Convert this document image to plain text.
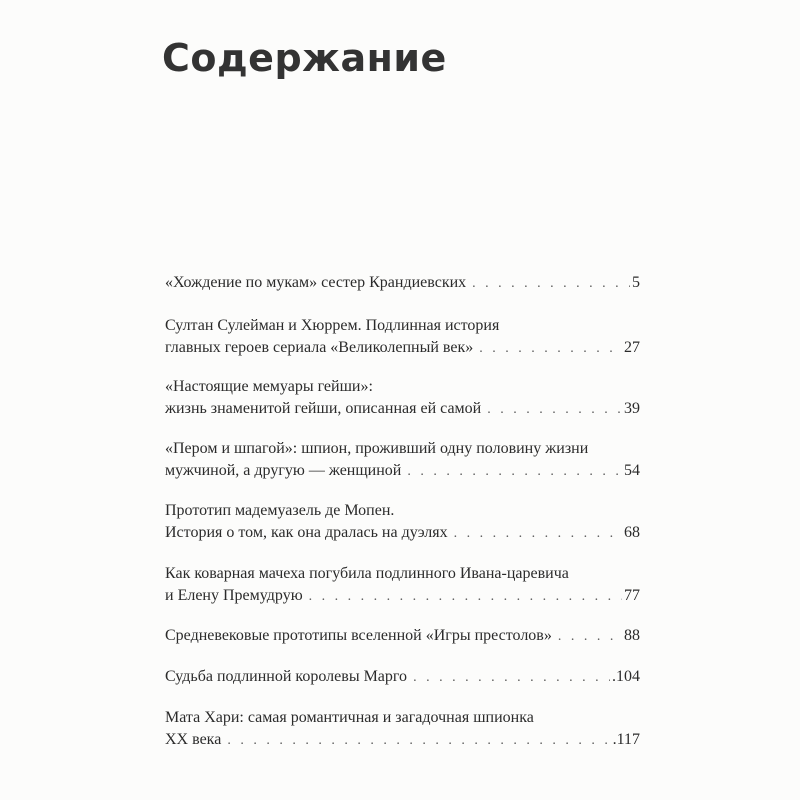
Содержание
«Хождение по мукам» сестер Крандиевских . . .	5
Султан Сулейман и Хюррем. Подлинная история
главных героев сериала «Великолепный век» . . .	27
«Настоящие мемуары гейши»:
жизнь знаменитой гейши, описанная ей самой . . .	39
«Пером и шпагой»: шпион, проживший одну половину жизни
мужчиной, а другую — женщиной . . .	54
Прототип мадемуазель де Мопен.
История о том, как она дралась на дуэлях . . .	68
Как коварная мачеха погубила подлинного Ивана-царевича
и Елену Премудрую . . .	77
Средневековые прототипы вселенной «Игры престолов» . . .	88
Судьба подлинной королевы Марго . . .	.104
Мата Хари: самая романтичная и загадочная шпионка
XX века . . .	.117
